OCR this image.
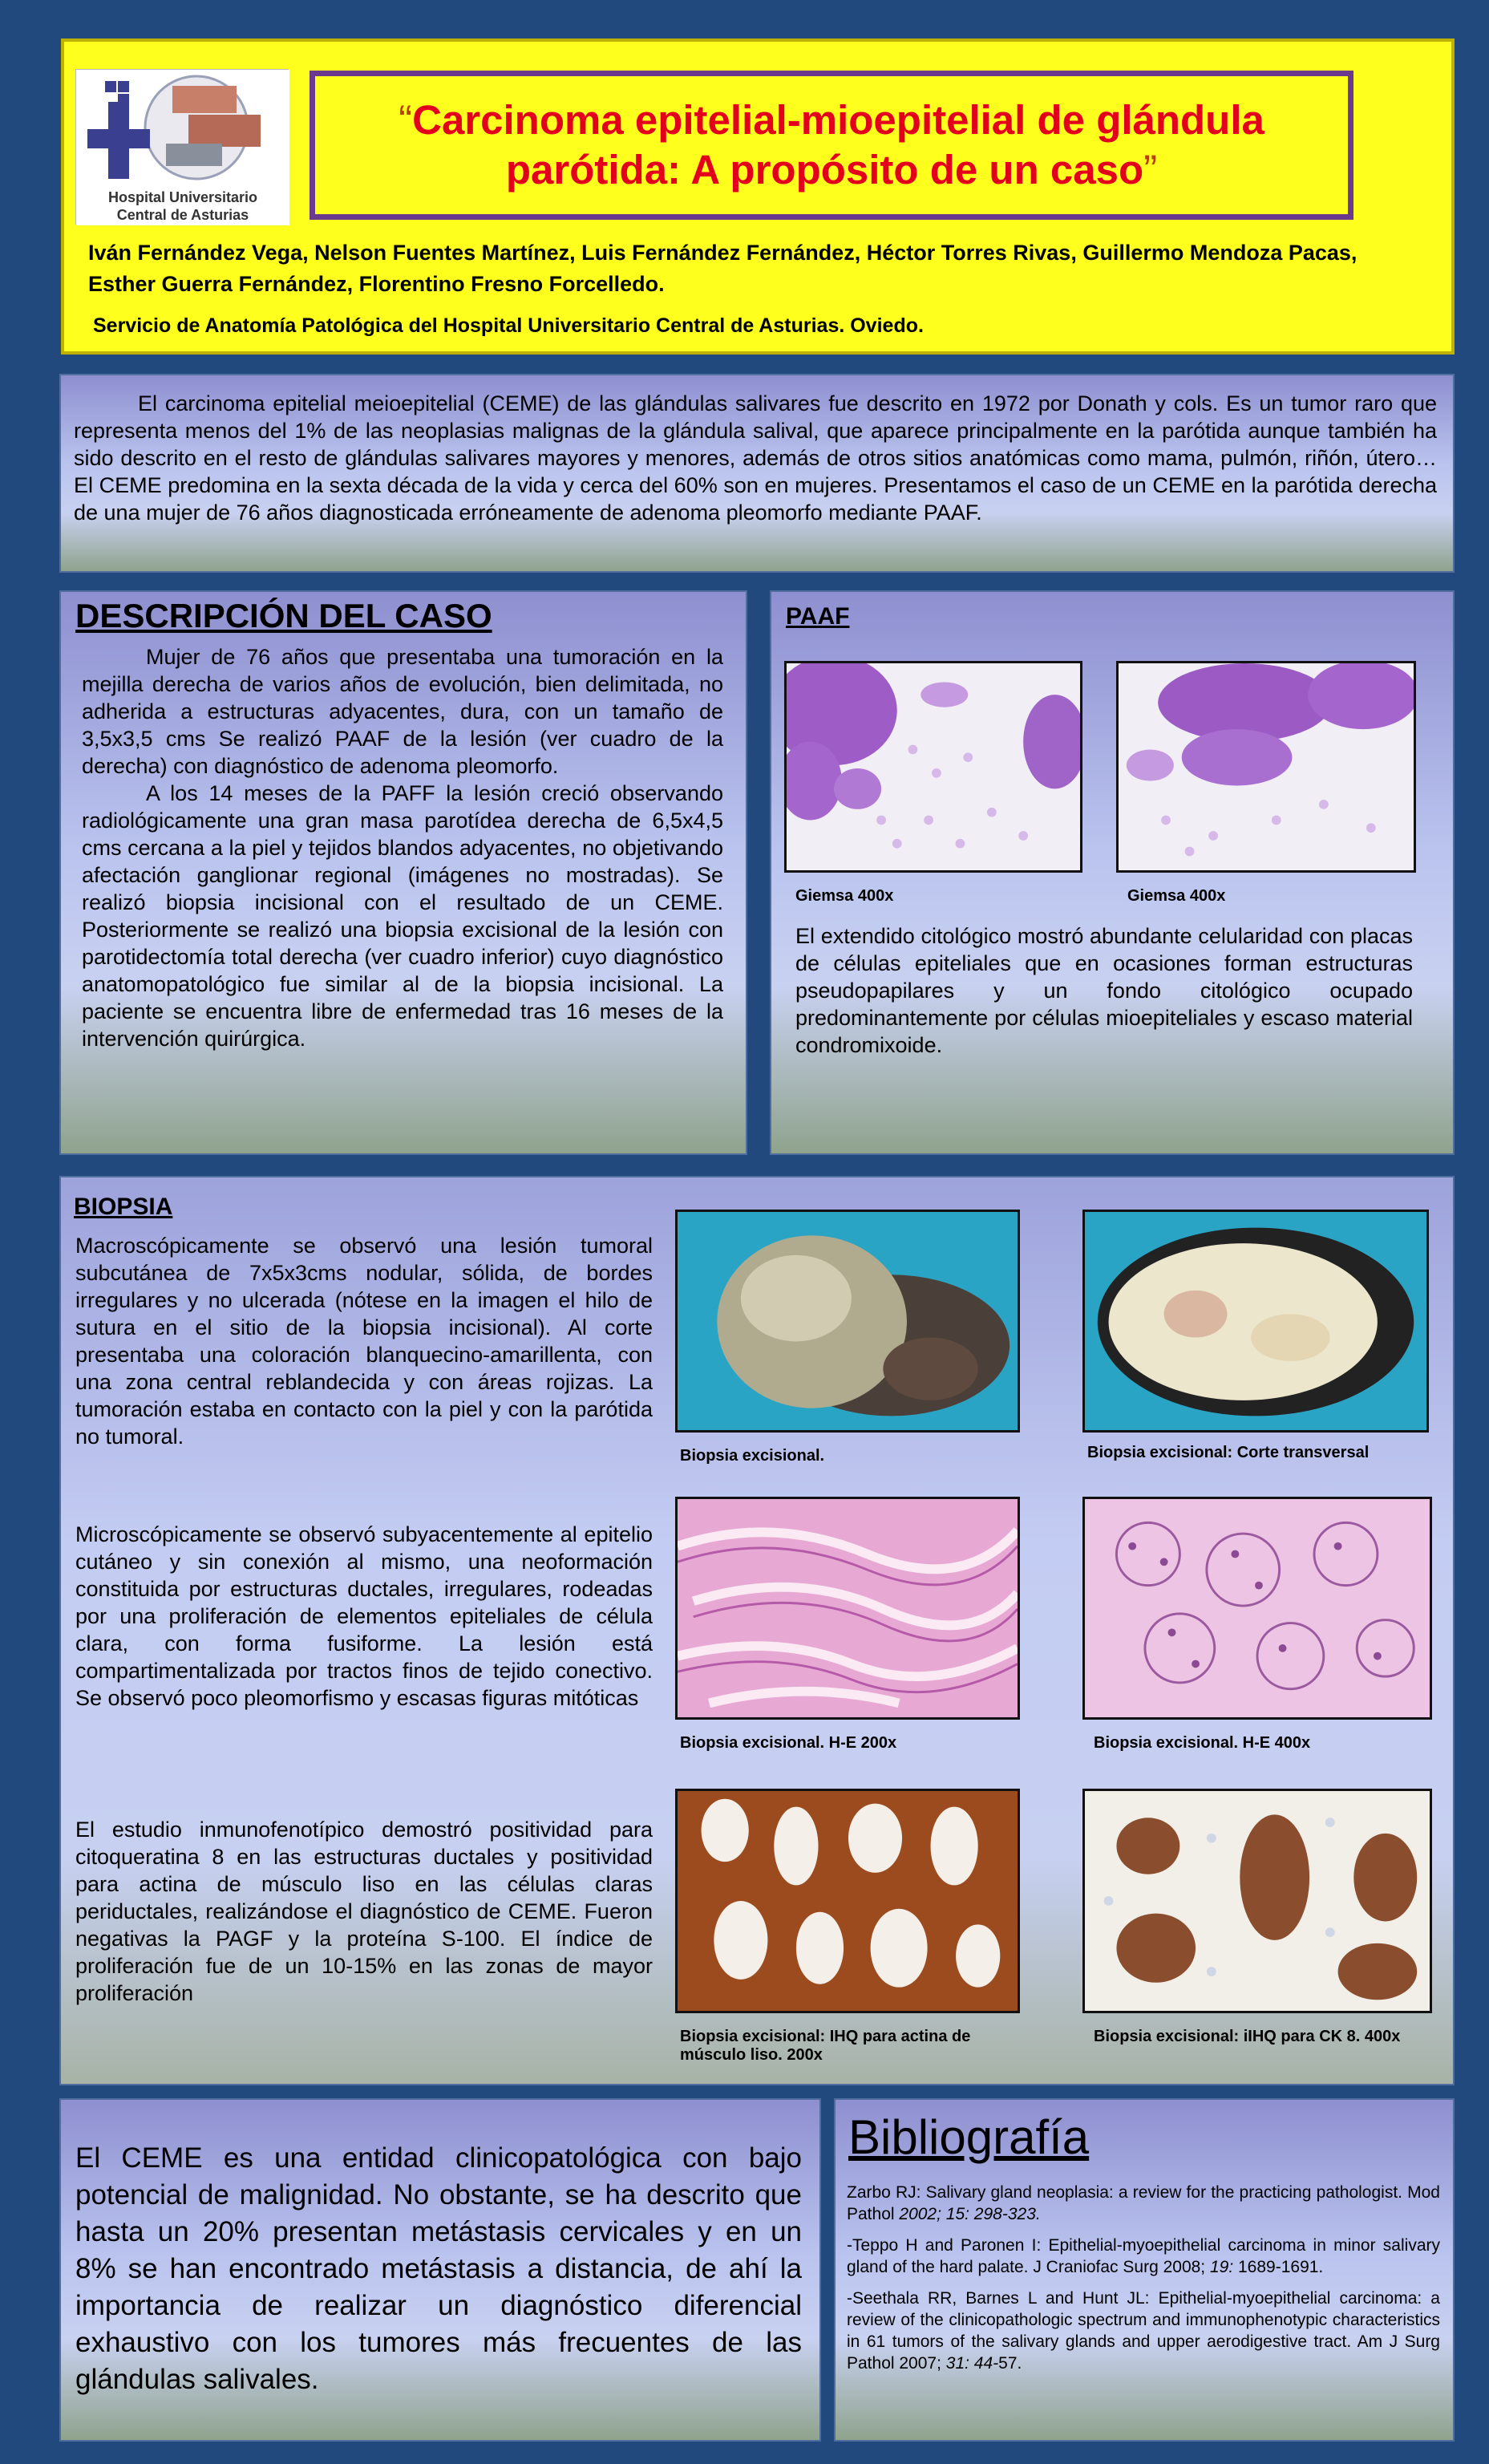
Hospital Universitario
Central de Asturias
“Carcinoma epitelial-mioepitelial de glándula parótida: A propósito de un caso”
Iván Fernández Vega, Nelson Fuentes Martínez, Luis Fernández Fernández, Héctor Torres Rivas, Guillermo Mendoza Pacas, Esther Guerra Fernández, Florentino Fresno Forcelledo.
Servicio de Anatomía Patológica del Hospital Universitario Central de Asturias. Oviedo.
El carcinoma epitelial meioepitelial (CEME) de las glándulas salivares fue descrito en 1972 por Donath y cols. Es un tumor raro que representa menos del 1% de las neoplasias malignas de la glándula salival, que aparece principalmente en la parótida aunque también ha sido descrito en el resto de glándulas salivares mayores y menores, además de otros sitios anatómicas como mama, pulmón, riñón, útero… El CEME predomina en la sexta década de la vida y cerca del 60% son en mujeres. Presentamos el caso de un CEME en la parótida derecha de una mujer de 76 años diagnosticada erróneamente de adenoma pleomorfo mediante PAAF.
DESCRIPCIÓN DEL CASO

Mujer de 76 años que presentaba una tumoración en la mejilla derecha de varios años de evolución, bien delimitada, no adherida a estructuras adyacentes, dura, con un tamaño de 3,5x3,5 cms Se realizó PAAF de la lesión (ver cuadro de la derecha) con diagnóstico de adenoma pleomorfo.

A los 14 meses de la PAFF la lesión creció observando radiológicamente una gran masa parotídea derecha de 6,5x4,5 cms cercana a la piel y tejidos blandos adyacentes, no objetivando afectación ganglionar regional (imágenes no mostradas). Se realizó biopsia incisional con el resultado de un CEME. Posteriormente se realizó una biopsia excisional de la lesión con parotidectomía total derecha (ver cuadro inferior) cuyo diagnóstico anatomopatológico fue similar al de la biopsia incisional. La paciente se encuentra libre de enfermedad tras 16 meses de la intervención quirúrgica.

PAAF
Giemsa 400x	Giemsa 400x
El extendido citológico mostró abundante celularidad con placas de células epiteliales que en ocasiones forman estructuras pseudopapilares y un fondo citológico ocupado predominantemente por células mioepiteliales y escaso material condromixoide.
BIOPSIA
Macroscópicamente se observó una lesión tumoral subcutánea de 7x5x3cms nodular, sólida, de bordes irregulares y no ulcerada (nótese en la imagen el hilo de sutura en el sitio de la biopsia incisional). Al corte presentaba una coloración blanquecino-amarillenta, con una zona central reblandecida y con áreas rojizas. La tumoración estaba en contacto con la piel y con la parótida no tumoral.
Microscópicamente se observó subyacentemente al epitelio cutáneo y sin conexión al mismo, una neoformación constituida por estructuras ductales, irregulares, rodeadas por una proliferación de elementos epiteliales de célula clara, con forma fusiforme. La lesión está compartimentalizada por tractos finos de tejido conectivo. Se observó poco pleomorfismo y escasas figuras mitóticas
El estudio inmunofenotípico demostró positividad para citoqueratina 8 en las estructuras ductales y positividad para actina de músculo liso en las células claras periductales, realizándose el diagnóstico de CEME. Fueron negativas la PAGF y la proteína S-100. El índice de proliferación fue de un 10-15% en las zonas de mayor proliferación
Biopsia excisional.	Biopsia excisional: Corte transversal
Biopsia excisional. H-E 200x	Biopsia excisional. H-E 400x
Biopsia excisional: IHQ para actina de músculo liso. 200x
Biopsia excisional: iIHQ para CK 8. 400x
El CEME es una entidad clinicopatológica con bajo potencial de malignidad. No obstante, se ha descrito que hasta un 20% presentan metástasis cervicales y en un 8% se han encontrado metástasis a distancia, de ahí la importancia de realizar un diagnóstico diferencial exhaustivo con los tumores más frecuentes de las glándulas salivales.
Bibliografía

Zarbo RJ: Salivary gland neoplasia: a review for the practicing pathologist. Mod Pathol 2002; 15: 298-323.

-Teppo H and Paronen I: Epithelial-myoepithelial carcinoma in minor salivary gland of the hard palate. J Craniofac Surg 2008; 19: 1689-1691.

-Seethala RR, Barnes L and Hunt JL: Epithelial-myoepithelial carcinoma: a review of the clinicopathologic spectrum and immunophenotypic characteristics in 61 tumors of the salivary glands and upper aerodigestive tract. Am J Surg Pathol 2007; 31: 44-57.
